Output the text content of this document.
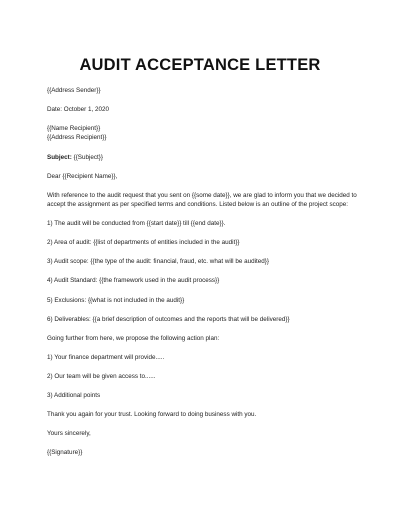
AUDIT ACCEPTANCE LETTER

{{Address Sender}}

Date: October 1, 2020

{{Name Recipient}}

{{Address Recipient}}

Subject: {{Subject}}

Dear {{Recipient Name}},

With reference to the audit request that you sent on {{some date}}, we are glad to inform you that we decided to accept the assignment as per specified terms and conditions. Listed below is an outline of the project scope:

1) The audit will be conducted from {{start date}} till {{end date}}.

2) Area of audit: {{list of departments of entities included in the audit}}

3) Audit scope: {{the type of the audit: financial, fraud, etc. what will be audited}}

4) Audit Standard: {{the framework used in the audit process}}

5) Exclusions: {{what is not included in the audit}}

6) Deliverables: {{a brief description of outcomes and the reports that will be delivered}}

Going further from here, we propose the following action plan:

1) Your finance department will provide.....

2) Our team will be given access to......

3) Additional points

Thank you again for your trust. Looking forward to doing business with you.

Yours sincerely,

{{Signature}}
